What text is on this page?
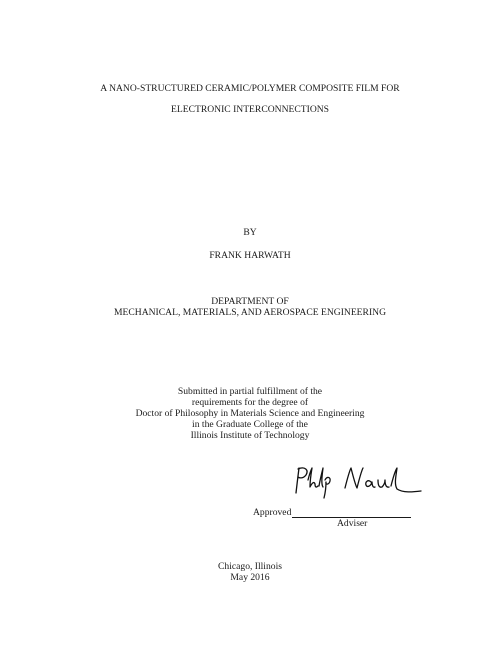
A NANO-STRUCTURED CERAMIC/POLYMER COMPOSITE FILM FOR
ELECTRONIC INTERCONNECTIONS
BY
FRANK HARWATH
DEPARTMENT OF
MECHANICAL, MATERIALS, AND AEROSPACE ENGINEERING
Submitted in partial fulfillment of the
requirements for the degree of
Doctor of Philosophy in Materials Science and Engineering
in the Graduate College of the
Illinois Institute of Technology
Approved
Adviser
Chicago, Illinois
May 2016
